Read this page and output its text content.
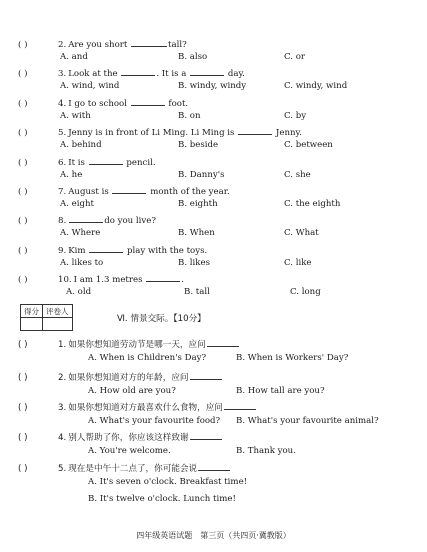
( )	2. Are you short	tall?
A. and	B. also	C. or
( )	3. Look at the	. It is a	day.
A. wind, wind	B. windy, windy	C. windy, wind
( )	4. I go to school	foot.
A. with	B. on	C. by
( )	5. Jenny is in front of Li Ming. Li Ming is	Jenny.
A. behind	B. beside	C. between
( )	6. It is	pencil.
A. he	B. Danny's	C. she
( )	7. August is	month of the year.
A. eight	B. eighth	C. the eighth
( )	8.	do you live?
A. Where	B. When	C. What
( )	9. Kim	play with the toys.
A. likes to	B. likes	C. like
( )	10. I am 1.3 metres	.
A. old	B. tall	C. long
得分	评卷人

Ⅵ. 情景交际。【10分】
( )	1. 如果你想知道劳动节是哪一天，应问
A. When is Children's Day?	B. When is Workers' Day?
( )	2. 如果你想知道对方的年龄，应问
A. How old are you?	B. How tall are you?
( )	3. 如果你想知道对方最喜欢什么食物，应问
A. What's your favourite food? B. What's your favourite animal?
( )	4. 别人帮助了你，你应该这样致谢
A. You're welcome.	B. Thank you.
( )	5. 现在是中午十二点了，你可能会说
A. It's seven o'clock. Breakfast time!
B. It's twelve o'clock. Lunch time!
四年级英语试题　第三页（共四页·冀教版）
